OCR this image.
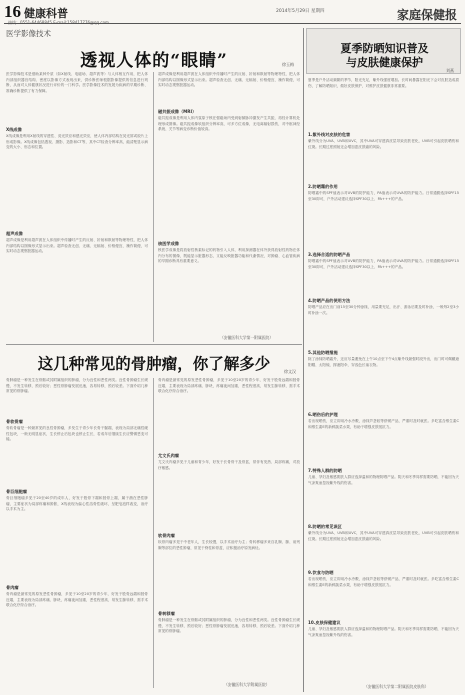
16 健康科普	2014年5月29日 星期四	家庭保健报
医学影像技术
透视人体的“眼睛”	徐玉梅
医学影像技术是借助某种介质（如X射线、电磁场、超声波等）与人体相互作用，把人体内部组织器官结构、密度以影像方式表现出来，供诊断医师根据影像提供的信息进行判断，从而对人体健康状况进行评价的一门科学。医学影像技术的发展为疾病的早期诊断、准确诊断提供了有力保障。
X线成像
X线成像是利用X射线的穿透性、荧光效应和感光效应，使人体内部结构在荧光屏或胶片上形成影像。X线成像包括透视、摄影、造影和CT等，其中CT检查分辨率高，能清楚显示病变的大小、形态和位置。
超声成像
超声成像是利用超声波在人体组织中传播时产生的反射、折射和散射等物理特性，把人体内部结构以图像形式显示出来。超声检查无创、无痛、无辐射、价格便宜、操作简便，可实时动态观察脏器运动。
超声成像是利用超声波在人体组织中传播时产生的反射、折射和散射等物理特性，把人体内部结构以图像形式显示出来。超声检查无创、无痛、无辐射、价格便宜、操作简便，可实时动态观察脏器运动。
磁共振成像（MRI）
磁共振成像是利用人体内氢原子核在强磁场内受到射频脉冲激发产生共振，再经计算机处理形成图像。磁共振成像软组织分辨率高，可多方位成像，无电离辐射损伤，对中枢神经系统、关节等病变诊断价值较高。
核医学成像
核医学成像是将放射性核素标记的药物引入人体，利用探测器在体外获得放射性药物在体内分布的图像，既能显示脏器形态，又能反映脏器功能和代谢情况，对肿瘤、心血管疾病的早期诊断具有重要意义。
（安徽医科大学第一附属医院）
这几种常见的骨肿瘤，你了解多少	徐文汉
骨肿瘤是一种发生在骨骼或其附属组织的肿瘤，分为良性和恶性两类。良性骨肿瘤生长缓慢，不发生转移，预后较好；恶性骨肿瘤发展迅速，容易转移，预后较差。下面介绍几种常见的骨肿瘤。
骨软骨瘤
骨软骨瘤是一种最常见的良性骨肿瘤，多发生于青少年长骨干骺端，表现为局部无痛性硬性包块，一般无明显症状，生长停止后包块也停止生长，若成年后继续生长应警惕恶变可能。
骨巨细胞瘤
骨巨细胞瘤多见于20至40岁的成年人，好发于股骨下端和胫骨上端，属于潜在恶性肿瘤，主要症状为局部疼痛和肿胀，X线表现为偏心性溶骨性破坏，呈肥皂泡样改变，治疗以手术为主。
骨肉瘤
骨肉瘤是最常见的原发恶性骨肿瘤，多见于10至20岁的青少年，好发于股骨远端和胫骨近端，主要表现为局部疼痛、肿块，疼痛夜间加重，恶性程度高，易发生肺转移，需手术联合化疗综合治疗。
骨肉瘤是最常见的原发恶性骨肿瘤，多见于10至20岁的青少年，好发于股骨远端和胫骨近端，主要表现为局部疼痛、肿块，疼痛夜间加重，恶性程度高，易发生肺转移，需手术联合化疗综合治疗。
尤文氏肉瘤
尤文氏肉瘤多见于儿童和青少年，好发于长骨骨干及骨盆，常伴有发热、局部疼痛，对放疗敏感。
软骨肉瘤
软骨肉瘤多见于中老年人，生长较慢，以手术治疗为主；骨转移瘤多来自乳腺、肺、前列腺等部位的恶性肿瘤，常见于脊柱和骨盆，应积极治疗原发病灶。
骨转移瘤
骨肿瘤是一种发生在骨骼或其附属组织的肿瘤，分为良性和恶性两类。良性骨肿瘤生长缓慢，不发生转移，预后较好；恶性骨肿瘤发展迅速，容易转移，预后较差。下面介绍几种常见的骨肿瘤。
（安徽医科大学附属医院）
夏季防晒知识普及
与皮肤健康保护
刘燕
夏季是户外活动频繁的季节，阳光充足，紫外线强度增加。长时间暴露在阳光下会对皮肤造成损伤，了解防晒知识，做好皮肤保护，对维护皮肤健康非常重要。
1.紫外线对皮肤的危害
紫外线分为UVA、UVB和UVC，其中UVA可穿透真皮层导致皮肤老化，UVB可引起皮肤晒伤和红斑。长期过度照射还会增加患皮肤癌的风险。
2.防晒霜的作用
防晒霜中的SPF值表示对UVB的防护能力，PA值表示对UVA的防护能力。日常通勤选择SPF15至30即可，户外活动建议选择SPF30以上、PA+++的产品。
3.选择合适的防晒产品
防晒霜中的SPF值表示对UVB的防护能力，PA值表示对UVA的防护能力。日常通勤选择SPF15至30即可，户外活动建议选择SPF30以上、PA+++的产品。
4.防晒产品的使用方法
防晒产品应在出门前15至30分钟涂抹，用量要充足，出汗、游泳后要及时补涂，一般每2至3小时补涂一次。
5.其他防晒措施
除了涂抹防晒霜外，还应尽量避免在上午10点至下午4点紫外线最强时段外出，出门时可佩戴遮阳帽、太阳镜，撑遮阳伞，穿浅色长袖衣物。
6.晒伤后的护理
若出现晒伤，应立即用冷水冷敷，涂抹芦荟胶等舒缓产品，严重时及时就医。多吃富含维生素C和维生素E的新鲜蔬菜水果，有助于增强皮肤抵抗力。
7.特殊人群的防晒
儿童、孕妇及敏感肌肤人群应选择温和的物理防晒产品。阴天和冬季同样需要防晒，不能因为天气凉爽而忽视紫外线的伤害。
8.防晒的常见误区
紫外线分为UVA、UVB和UVC，其中UVA可穿透真皮层导致皮肤老化，UVB可引起皮肤晒伤和红斑。长期过度照射还会增加患皮肤癌的风险。
9.饮食与防晒
若出现晒伤，应立即用冷水冷敷，涂抹芦荟胶等舒缓产品，严重时及时就医。多吃富含维生素C和维生素E的新鲜蔬菜水果，有助于增强皮肤抵抗力。
10.皮肤保健建议
儿童、孕妇及敏感肌肤人群应选择温和的物理防晒产品。阴天和冬季同样需要防晒，不能因为天气凉爽而忽视紫外线的伤害。
（安徽医科大学第二附属医院皮肤科）
